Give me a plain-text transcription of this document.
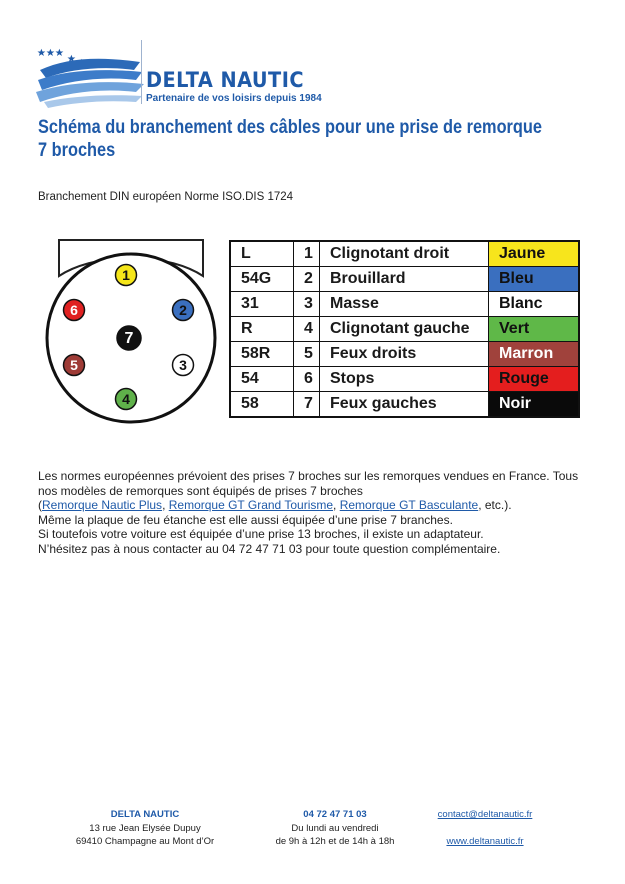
DELTA NAUTIC
Partenaire de vos loisirs depuis 1984
Schéma du branchement des câbles pour une prise de remorque
7 broches
Branchement DIN européen Norme ISO.DIS 1724
1
2
3
4
5
6
7
L	1	Clignotant droit	Jaune
54G	2	Brouillard	Bleu
31	3	Masse	Blanc
R	4	Clignotant gauche	Vert
58R	5	Feux droits	Marron
54	6	Stops	Rouge
58	7	Feux gauches	Noir

Les normes européennes prévoient des prises 7 broches sur les remorques vendues en France. Tous nos modèles de remorques sont équipés de prises 7 broches
(Remorque Nautic Plus, Remorque GT Grand Tourisme, Remorque GT Basculante, etc.).

Même la plaque de feu étanche est elle aussi équipée d’une prise 7 branches.

Si toutefois votre voiture est équipée d’une prise 13 broches, il existe un adaptateur.

N’hésitez pas à nous contacter au 04 72 47 71 03 pour toute question complémentaire.

DELTA NAUTIC
13 rue Jean Elysée Dupuy
69410 Champagne au Mont d’Or
04 72 47 71 03
Du lundi au vendredi
de 9h à 12h et de 14h à 18h
contact@deltanautic.fr

www.deltanautic.fr
